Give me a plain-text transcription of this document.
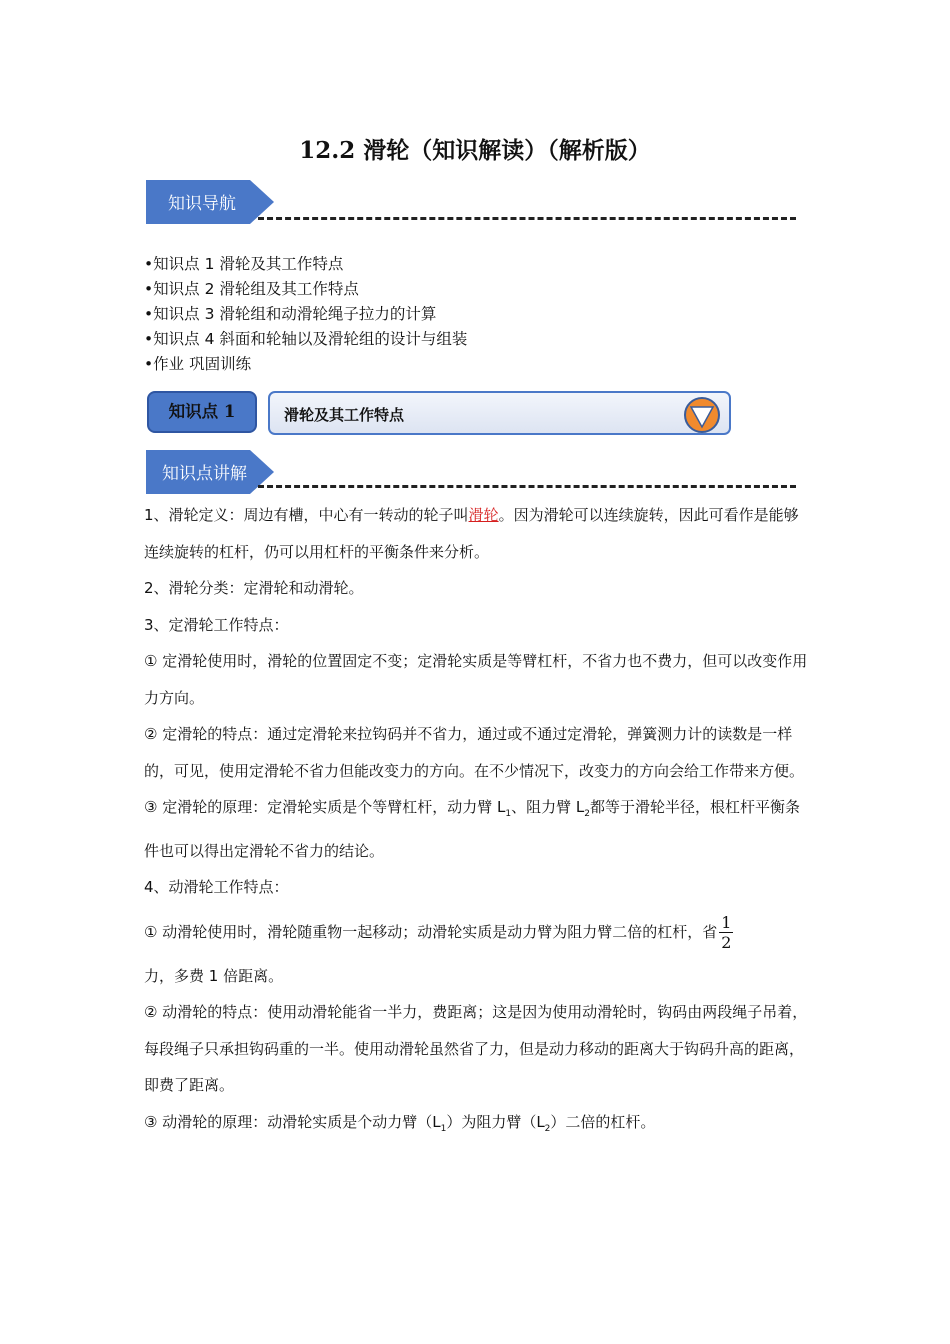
12.2 滑轮（知识解读）（解析版）
知识导航
•知识点 1 滑轮及其工作特点
•知识点 2 滑轮组及其工作特点
•知识点 3 滑轮组和动滑轮绳子拉力的计算
•知识点 4 斜面和轮轴以及滑轮组的设计与组装
•作业 巩固训练
知识点 1	滑轮及其工作特点
知识点讲解

1、滑轮定义：周边有槽，中心有一转动的轮子叫滑轮。因为滑轮可以连续旋转，因此可看作是能够连续旋转的杠杆，仍可以用杠杆的平衡条件来分析。

2、滑轮分类：定滑轮和动滑轮。

3、定滑轮工作特点：

① 定滑轮使用时，滑轮的位置固定不变；定滑轮实质是等臂杠杆，不省力也不费力，但可以改变作用力方向。

② 定滑轮的特点：通过定滑轮来拉钩码并不省力，通过或不通过定滑轮，弹簧测力计的读数是一样的，可见，使用定滑轮不省力但能改变力的方向。在不少情况下，改变力的方向会给工作带来方便。

③ 定滑轮的原理：定滑轮实质是个等臂杠杆，动力臂 $L_1$、阻力臂 $L_2$都等于滑轮半径，根杠杆平衡条件也可以得出定滑轮不省力的结论。

4、动滑轮工作特点：

① 动滑轮使用时，滑轮随重物一起移动；动滑轮实质是动力臂为阻力臂二倍的杠杆，省 $\frac{1}{2}$

力，多费 1 倍距离。

② 动滑轮的特点：使用动滑轮能省一半力，费距离；这是因为使用动滑轮时，钩码由两段绳子吊着，每段绳子只承担钩码重的一半。使用动滑轮虽然省了力，但是动力移动的距离大于钩码升高的距离，即费了距离。

③ 动滑轮的原理：动滑轮实质是个动力臂$(L_1)$为阻力臂$(L_2)$二倍的杠杆。
